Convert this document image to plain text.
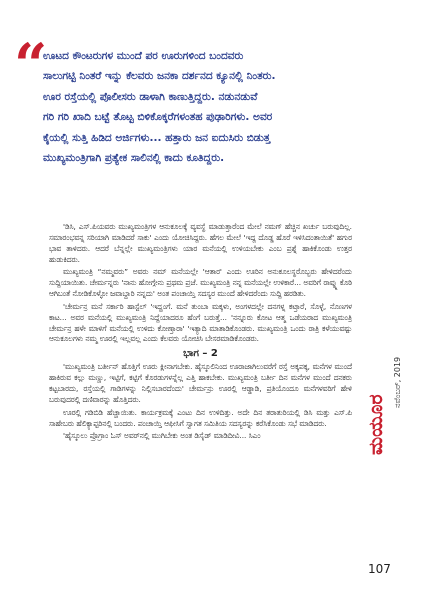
“

ಊಟದ ಕೌಂಟರುಗಳ ಮುಂದೆ ಪರ ಊರುಗಳಿಂದ ಬಂದವರು

ಸಾಲುಗಟ್ಟಿ ನಿಂತರೆ ಇನ್ನು ಕೆಲವರು ಜನಕಾ ದರ್ಶನದ ಕ್ಯೂನಲ್ಲಿ ನಿಂತರು.

ಊರ ರಸ್ತೆಯಲ್ಲಿ ಪೊಲೀಸರು ಡಾಳಾಗಿ ಕಾಣುತ್ತಿದ್ದರು. ನಡುನಡುವೆ

ಗರಿ ಗರಿ ಖಾದಿ ಬಟ್ಟೆ ತೊಟ್ಟ ಬಿಳಿಕೊಕ್ಕರೆಗಳಂತಹ ಪುಢಾರಿಗಳು. ಅವರ

ಕೈಯಲ್ಲಿ ಸುತ್ತಿ ಹಿಡಿದ ಅರ್ಜಿಗಳು... ಹತ್ತಾರು ಜನ ಐದುಸಿರು ಬಿಡುತ್ತ

ಮುಖ್ಯಮಂತ್ರಿಗಾಗಿ ಪ್ರತ್ಯೇಕ ಸಾಲಿನಲ್ಲಿ ಕಾದು ಕೂತಿದ್ದರು.

'ಡಿಸಿ, ಎಸ್.ಪಿಯವರು ಮುಖ್ಯಮಂತ್ರಿಗಳ ಆನುಕೂಲಕ್ಕೆ ವ್ಯವಸ್ಥೆ ಮಾಡುತ್ತಾರೆಂದ ಮೇಲೆ ನಮಗ್ ಹೆಚ್ಚಿನ ಖರ್ಚು ಬರುವುದಿಲ್ಲ. ಸಮಾರಂಭವನ್ನ ಸರಿಯಾಗಿ ಮಾಡಿದರೆ ಸಾಕು' ಎಂದು ಯೋಚಿಸಿದ್ದರು. ಹೆಗಲ ಮೇಲೆ 'ಇದ್ದ ದೊಡ್ಡ ಹೊರೆ ಇಳಿಸಿದಂತಾಯಿತೆ' ಹಗುರ ಭಾವ ತಾಳಿದರು. ಆದರೆ ಬೆನ್ನಲ್ಲೇ ಮುಖ್ಯಮಂತ್ರಿಗಳು ಯಾರ ಮನೆಯಲ್ಲಿ ಉಳಿಯಬೇಕು ಎಂಬ ಪ್ರಶ್ನೆ ಹಾಕಿಕೊಂಡು ಉತ್ತರ ಹುಡುಕಿದರು.

ಮುಖ್ಯಮಂತ್ರಿ “ನಮ್ಮವರು” ಅವರು ನಮ್ ಮನೆಯಲ್ಲೇ 'ಆತಾರ' ಎಂದು ಊರಿನ ಅನುಕೂಲಸ್ಥರೊಬ್ಬರು ಹೇಳಿದರೆಂದು ಸುದ್ದಿಯಾಯಿತು. ಚೇರ್ಮನ್ನರು 'ನಾನು ಹೋಗ್ಗೇನು ಪ್ರಥಮ ಪ್ರಜೆ. ಮುಖ್ಯಮಂತ್ರಿ ನನ್ನ ಮನೆಯಲ್ಲೇ ಉಳಿಕಾರೆ... ಅವರಿಗೆ ರಾವ್ನ್ನು ಕೊಠಿ ಆಗಿಬಂತೆ ನೋಡಿಕೊಳ್ಳೋ ಜವಾಬ್ದಾರಿ ನನ್ನದು' ಅಂತ ಪಂಚಾಯ್ತಿ ಸದಸ್ಯರ ಮುಂದೆ ಹೇಳಿದರೆಂದು ಸುದ್ದಿ ಹರಡಿತು.

'ಚೇರ್ಮನ್ರ ಮನೆ ಸರ್ಕಾರಿ ಹಾಸ್ಟೆಲ್ 'ಇದ್ಹಂಗೆ. ಮನೆ ತುಂಬಾ ಮಕ್ಕಳು, ಅಂಗಳದಲ್ಲೇ ದನಗಳ್ನ ಕಟ್ತಾರೆ, ಸೊಳ್ಳೆ, ನೊಣಗಳ ಕಾಟ... ಅವರ ಮನೆಯಲ್ಲಿ ಮುಖ್ಯಮಂತ್ರಿ ನಿದ್ದೆಯಾದರೂ ಹೆಂಗೆ ಬರುತ್ತೆ... 'ನನ್ನೂರು ಕೋಟ ಆತ್ಮ ಒಡೆಯರಾದ ಮುಖ್ಯಮಂತ್ರಿ ಚೇರ್ಮನ್ರ ಹಳೇ ಮಾಳಿಗೆ ಮನೆಯಲ್ಲಿ ಉಳಿದು ಕೋಣ್ತಾರಾ' 'ಇತ್ಯಾದಿ ಮಾತಾಡಿಕೊಂಡರು. ಮುಖ್ಯಮಂತ್ರಿ ಒಂದು ರಾತ್ರಿ ಕಳೆಯುವಷ್ಟು ಆನುಕೂಲಗಳು ನಮ್ಮ ಊರಲ್ಲಿ ಇಲ್ಲವಲ್ಲ ಎಂದು ಕೆಲವರು ಯೋಚಿಸಿ ಬೇಸರಮಾಡಿಕೊಂಡರು.

ಭಾಗ – 2

'ಮುಖ್ಯಮಂತ್ರಿ ಬರ್ತೀನ್ ಹೊತ್ತಿಗೆ ಊರು ಕ್ಲೀನಾಗಬೇಕು. ಹೈಸ್ಕೂಲಿನಿಂದ ಊರಾಜಾಗಿಲುವರೆಗೆ ರಸ್ತೆ ಅಕ್ಕಪಕ್ಕ, ಮನೆಗಳ ಮುಂದೆ ಹಾಕಿರುವ ಕಲ್ಲು ಮಣ್ಣು, ಇಟ್ಟಿಗೆ, ಕಟ್ಟಿಗೆ ಕೊರಡುಗಳನ್ನೆಲ್ಲ ಎತ್ತಿ ಹಾಕಬೇಕು. ಮುಖ್ಯಮಂತ್ರಿ ಬರ್ತೀ ದಿನ ಮನೆಗಳ ಮುಂದೆ ದನಕರು ಕಟ್ಟಬಾರದು, ರಸ್ತೆಯಲ್ಲಿ ಗಾಡಿಗಳನ್ನು ನಿಲ್ಲಿಸಬಾರದೆಂದು' ಚೇರ್ಮನ್ರು ಊರಲ್ಲಿ ಆಡ್ಡಾಡಿ, ಪ್ರತಿಯೊಂದೂ ಮನೆಗಳವರಿಗೆ ಹೇಳಿ ಬರುವುದರಲ್ಲಿ ದಣಿವಾರನ್ನು ಹೊತ್ತಿದರು.

ಊರಲ್ಲಿ ಗಡಿಬಿಡಿ ಹೆಚ್ಚಾಯಿತು. ಕಾರ್ಯಕ್ರಮಕ್ಕೆ ಎಂಟು ದಿನ ಉಳಿದಿತ್ತು. ಅದೇ ದಿನ ತರಾತುರಿಯಲ್ಲಿ ಡಿಸಿ ಮತ್ತು ಎಸ್.ಪಿ ಸಾಹೇಬರು ಹೆಲಿಕ್ಯಾಪ್ಟರಿನಲ್ಲಿ ಬಂದರು. ಪಂಚಾಯ್ತಿ ಆಫೀಸಿಗೆ ಸ್ವಾಗತ ಸಮಿತಿಯ ಸದಸ್ಯರನ್ನು ಕರೆಸಿಕೊಂಡು ಸಭೆ ಮಾಡಿದರು.

'ಹೈಸ್ಕೂಲು ಪ್ರೊಗ್ರಾಂ ಓಸ್ ಅವರ್‌ನಲ್ಲಿ ಮುಗಿಬೇಕು ಅಂತ ಡಿಸೈಡ್ ಮಾಡಿದೀವಿ... ಸಿಎಂ	ಮಯೂರ
ನವೆಂಬರ್, 2019
107
